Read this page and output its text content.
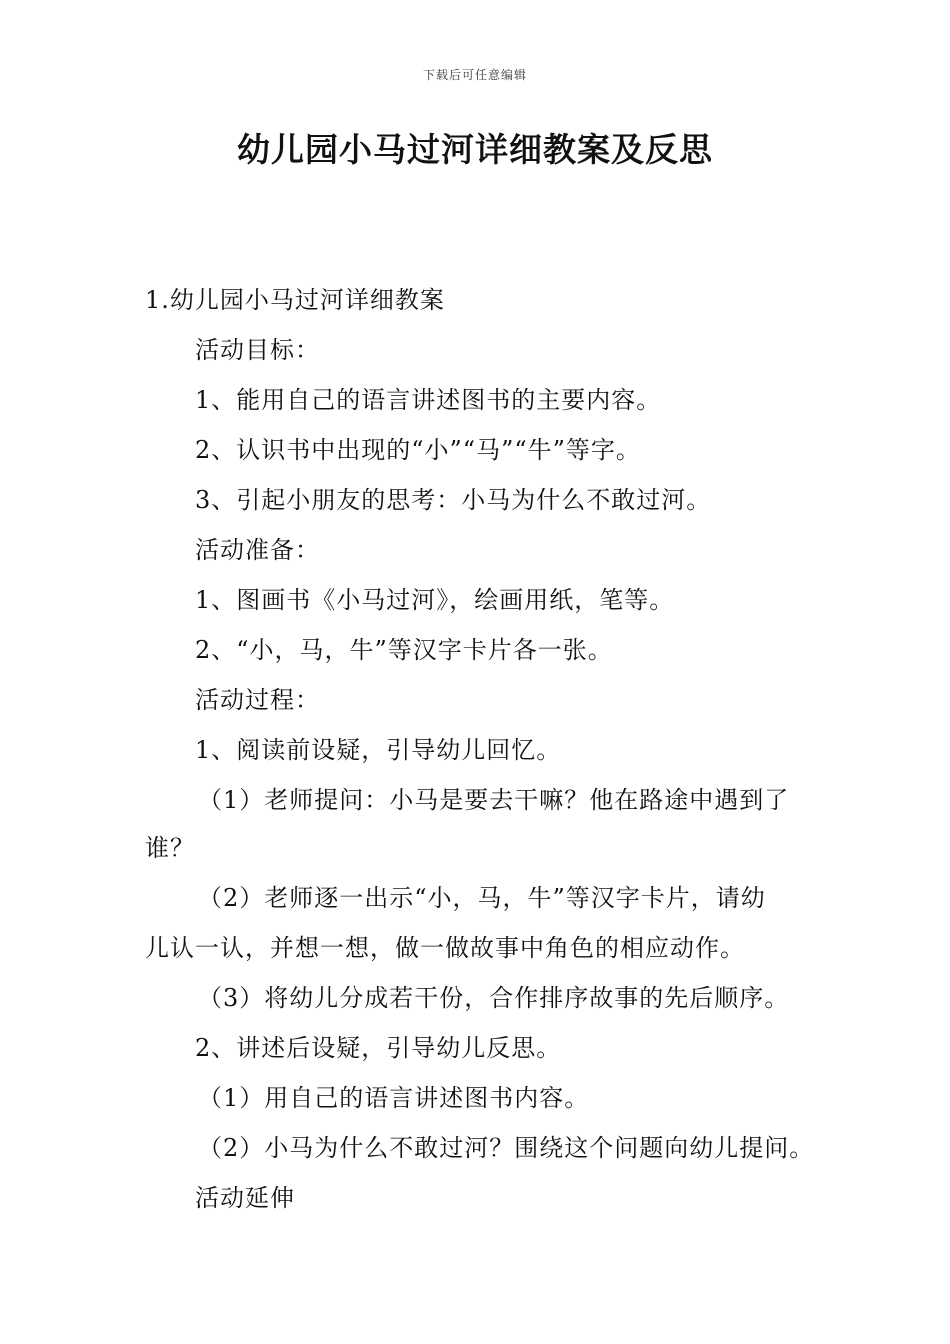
下载后可任意编辑
幼儿园小马过河详细教案及反思
1.幼儿园小马过河详细教案
活动目标：
1、能用自己的语言讲述图书的主要内容。
2、认识书中出现的“小”“马”“牛”等字。
3、引起小朋友的思考：小马为什么不敢过河。
活动准备：
1、图画书《小马过河》，绘画用纸，笔等。
2、“小，马，牛”等汉字卡片各一张。
活动过程：
1、阅读前设疑，引导幼儿回忆。
（1）老师提问：小马是要去干嘛？他在路途中遇到了
谁？
（2）老师逐一出示“小，马，牛”等汉字卡片，请幼
儿认一认，并想一想，做一做故事中角色的相应动作。
（3）将幼儿分成若干份，合作排序故事的先后顺序。
2、讲述后设疑，引导幼儿反思。
（1）用自己的语言讲述图书内容。
（2）小马为什么不敢过河？围绕这个问题向幼儿提问。
活动延伸
